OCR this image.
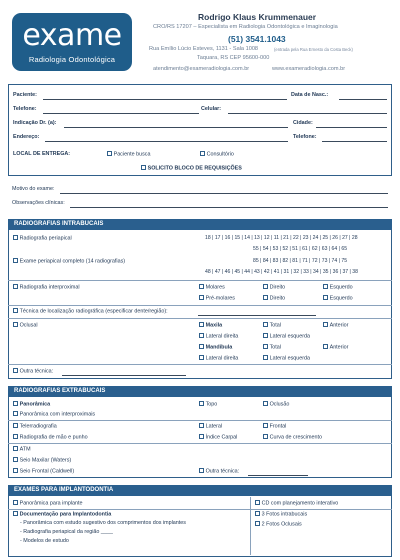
exame
Radiologia Odontológica
Rodrigo Klaus Krummenauer
CRO/RS 17207 – Especialista em Radiologia Odontológica e Imaginologia
(51) 3541.1043
Rua Emílio Lúcio Esteves, 1131 - Sala 1008	(entrada pela Rua Ernesto da Costa Beck)
Taquara, RS CEP 95600-000
atendimento@exameradiologia.com.br	www.exameradiologia.com.br
Paciente:	Data de Nasc.:
Telefone:	Celular:
Indicação Dr. (a):	Cidade:
Endereço:	Telefone:
LOCAL DE ENTREGA:	Paciente busca	Consultório
SOLICITO BLOCO DE REQUISIÇÕES
Motivo do exame:
Observações clínicas:
RADIOGRAFIAS INTRABUCAIS
Radiografia periapical	18 | 17 | 16 | 15 | 14 | 13 | 12 | 11 | 21 | 22 | 23 | 24 | 25 | 26 | 27 | 28
55 | 54 | 53 | 52 | 51 | 61 | 62 | 63 | 64 | 65
Exame periapical completo (14 radiografias)	85 | 84 | 83 | 82 | 81 | 71 | 72 | 73 | 74 | 75
48 | 47 | 46 | 45 | 44 | 43 | 42 | 41 | 31 | 32 | 33 | 34 | 35 | 36 | 37 | 38
Radiografia interproximal	Molares	Direito	Esquerdo
Pré-molares	Direito	Esquerdo
Técnica de localização radiográfica (especificar dente/região):
Oclusal	Maxila	Total	Anterior
Lateral direita	Lateral esquerda
Mandíbula	Total	Anterior
Lateral direita	Lateral esquerda
Outra técnica:
RADIOGRAFIAS EXTRABUCAIS
Panorâmica	Topo	Oclusão
Panorâmica com interproximais
Telerradiografia	Lateral	Frontal
Radiografia de mão e punho	Índice Carpal	Curva de crescimento
ATM
Seio Maxilar (Waters)
Seio Frontal (Caldwell)	Outra técnica:
EXAMES PARA IMPLANTODONTIA
Panorâmica para implante	CD com planejamento interativo
Documentação para Implantodontia	3 Fotos intrabucais
- Panorâmica com estudo sugestivo dos comprimentos dos implantes	2 Fotos Oclusais
- Radiografia periapical da região ____
- Modelos de estudo
